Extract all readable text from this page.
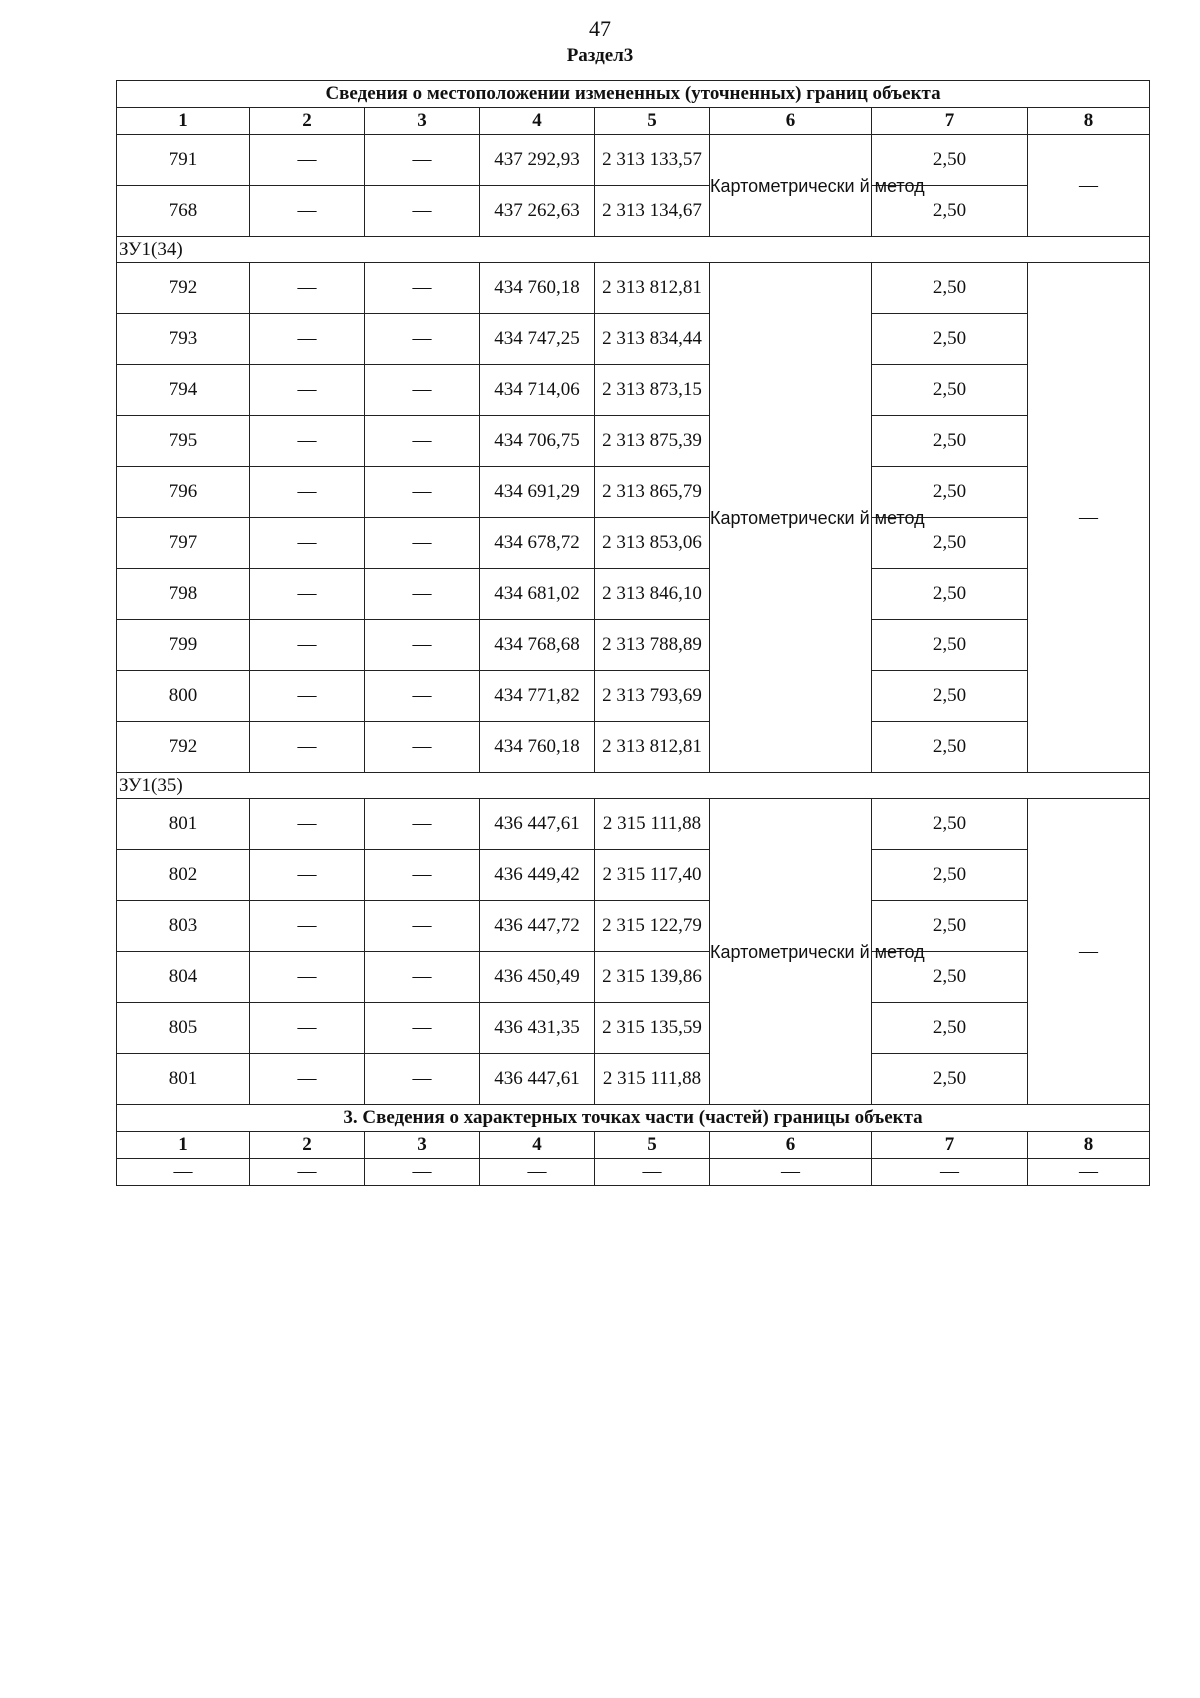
47
Раздел3
Сведения о местоположении измененных (уточненных) границ объекта							
1	2	3	4	5	6	7	8
791	—	—	437 292,93	2 313 133,57	Картометрически й метод	2,50	—
768	—	—	437 262,63	2 313 134,67		2,50	
ЗУ1(34)							
792	—	—	434 760,18	2 313 812,81	Картометрически й метод	2,50	—
793	—	—	434 747,25	2 313 834,44		2,50	
794	—	—	434 714,06	2 313 873,15		2,50	
795	—	—	434 706,75	2 313 875,39		2,50	
796	—	—	434 691,29	2 313 865,79		2,50	
797	—	—	434 678,72	2 313 853,06		2,50	
798	—	—	434 681,02	2 313 846,10		2,50	
799	—	—	434 768,68	2 313 788,89		2,50	
800	—	—	434 771,82	2 313 793,69		2,50	
792	—	—	434 760,18	2 313 812,81		2,50	
ЗУ1(35)							
801	—	—	436 447,61	2 315 111,88	Картометрически й метод	2,50	—
802	—	—	436 449,42	2 315 117,40		2,50	
803	—	—	436 447,72	2 315 122,79		2,50	
804	—	—	436 450,49	2 315 139,86		2,50	
805	—	—	436 431,35	2 315 135,59		2,50	
801	—	—	436 447,61	2 315 111,88		2,50	
3. Сведения о характерных точках части (частей) границы объекта							
1	2	3	4	5	6	7	8
—	—	—	—	—	—	—	—
